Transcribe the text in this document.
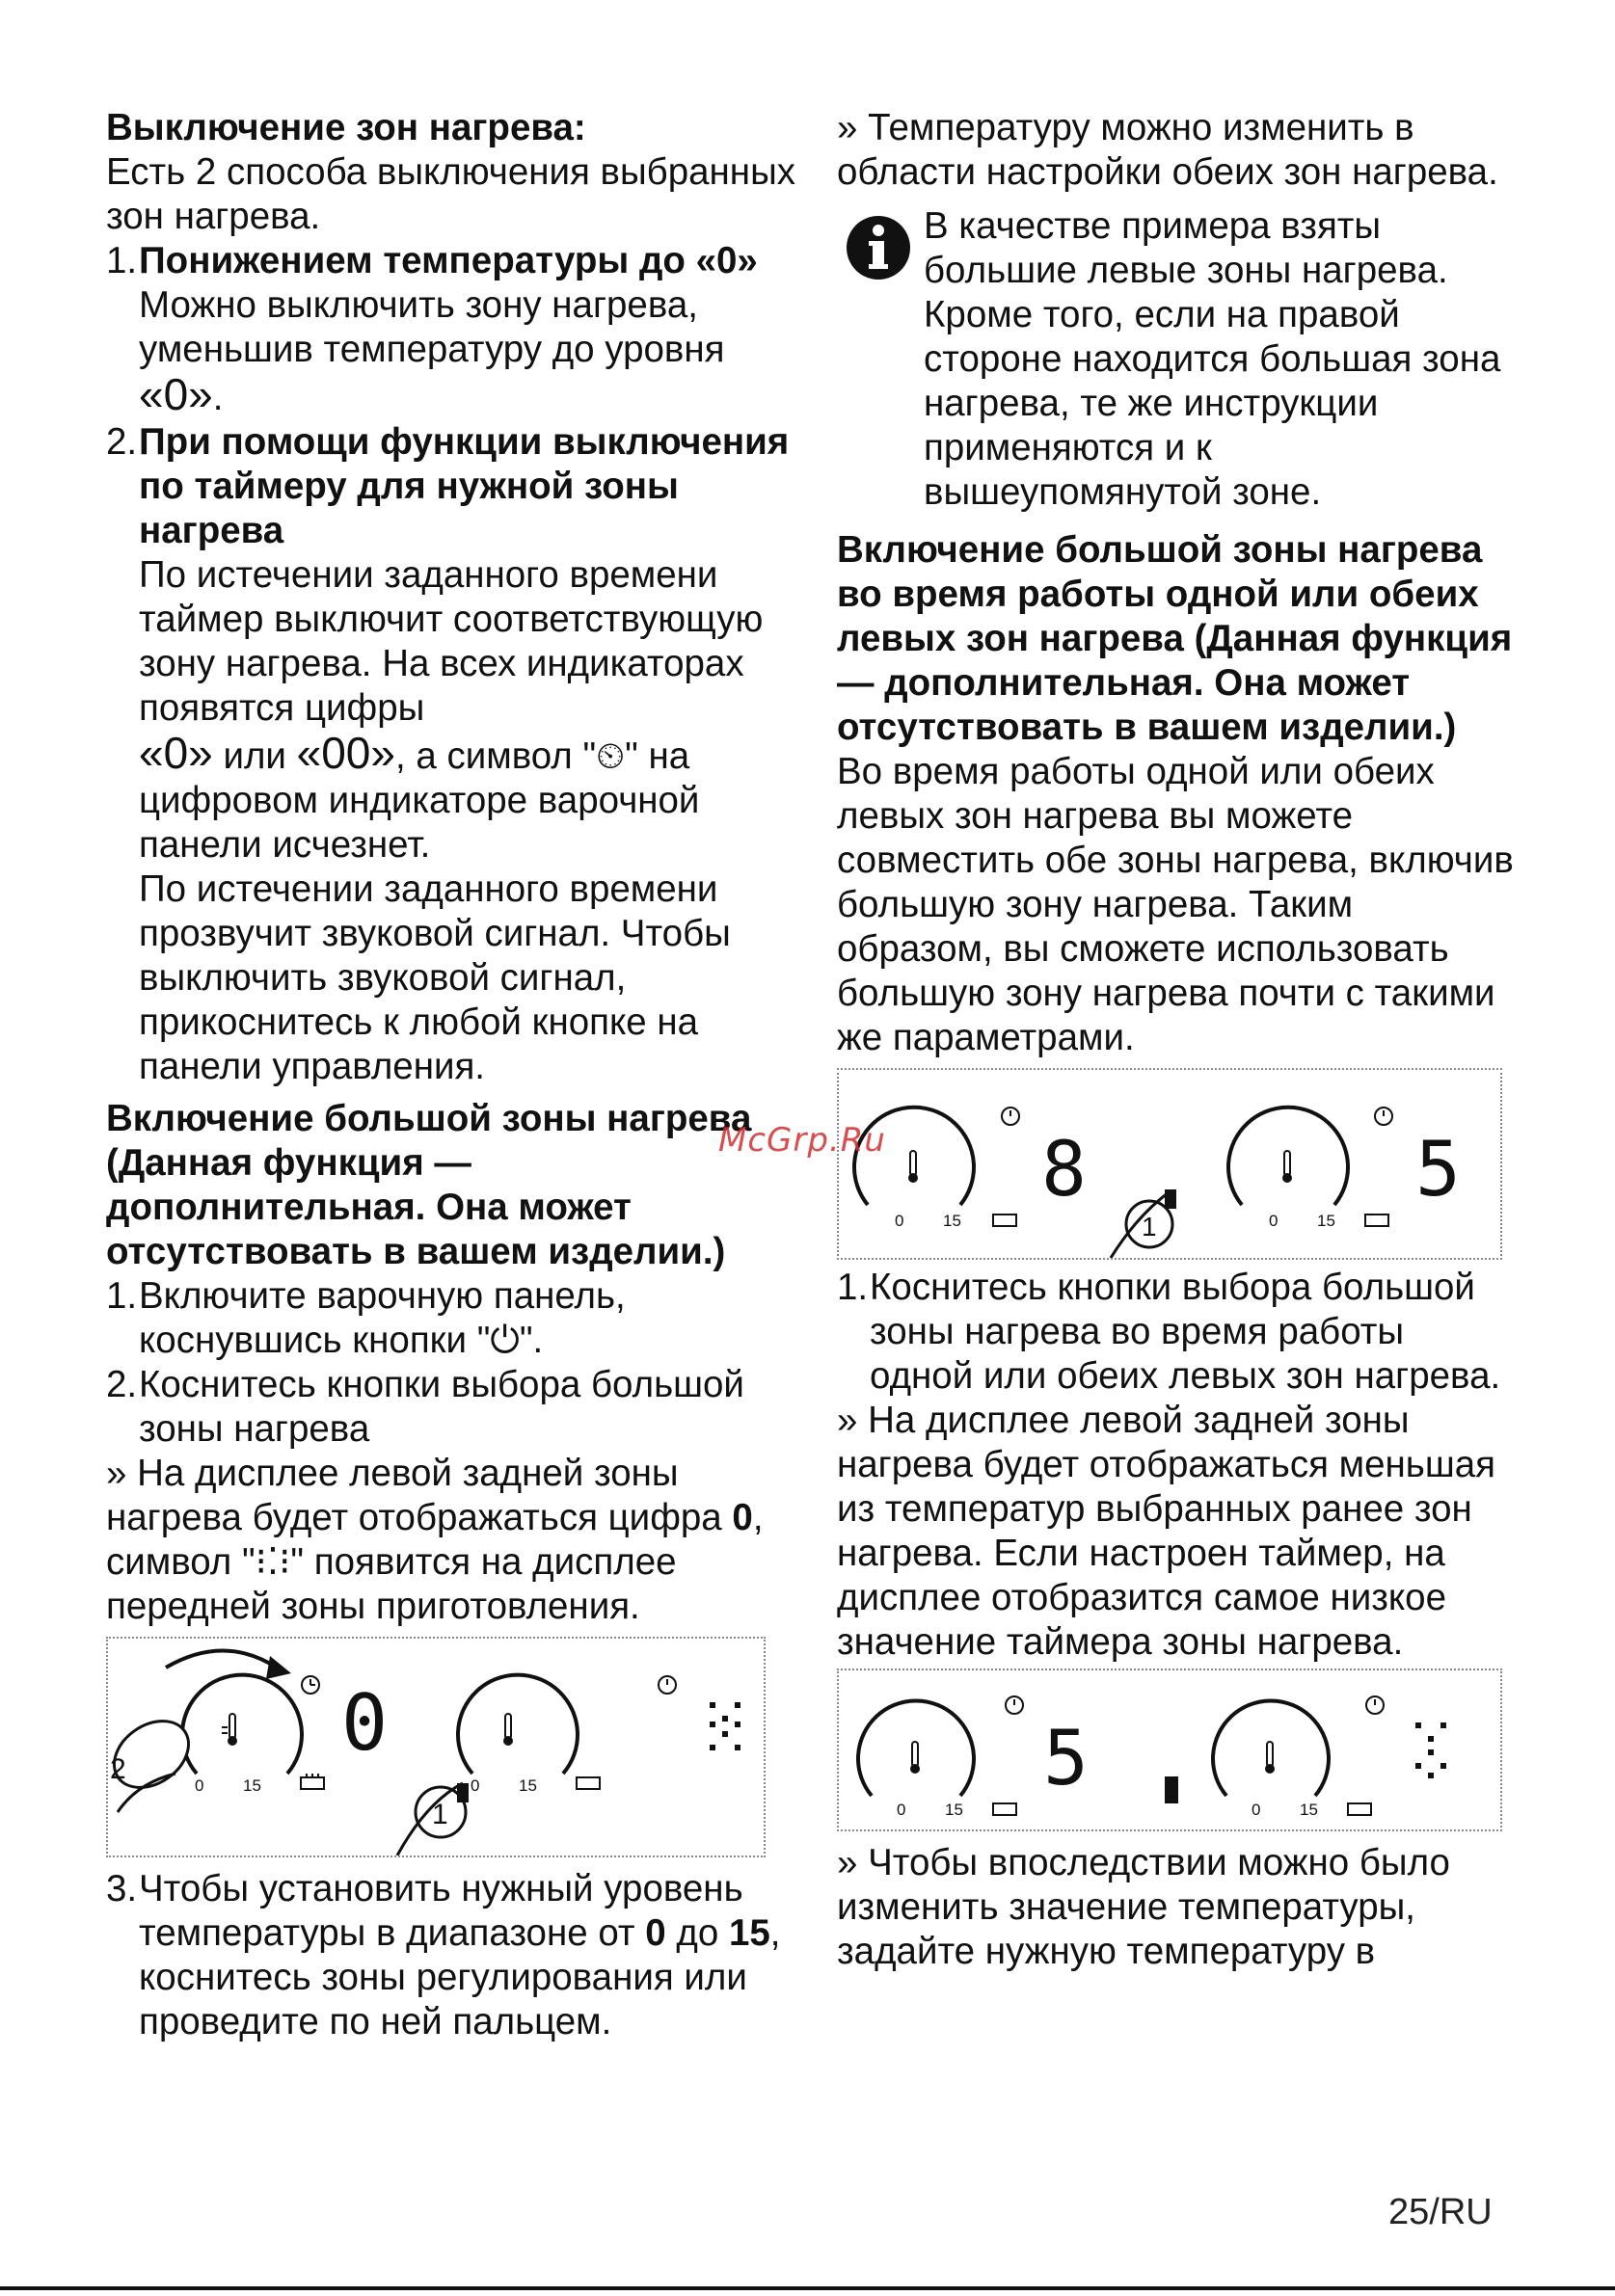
Выключение зон нагрева:

Есть 2 способа выключения выбранных зон нагрева.

1. Понижением температуры до «0»

Можно выключить зону нагрева, уменьшив температуру до уровня «0».

2. При помощи функции выключения по таймеру для нужной зоны нагрева

По истечении заданного времени таймер выключит соответствующую зону нагрева. На всех индикаторах появятся цифры
«0» или «00», а символ "⏲" на цифровом индикаторе варочной панели исчезнет.

По истечении заданного времени прозвучит звуковой сигнал. Чтобы выключить звуковой сигнал, прикоснитесь к любой кнопке на панели управления.

Включение большой зоны нагрева (Данная функция — дополнительная. Она может отсутствовать в вашем изделии.)

1. Включите варочную панель, коснувшись кнопки "⏻".

2. Коснитесь кнопки выбора большой зоны нагрева

» На дисплее левой задней зоны нагрева будет отображаться цифра 0, символ "⁝⁚⁝" появится на дисплее передней зоны приготовления.

0 15
2
0
0 15
1
3. Чтобы установить нужный уровень температуры в диапазоне от 0 до 15, коснитесь зоны регулирования или проведите по ней пальцем.

» Температуру можно изменить в области настройки обеих зон нагрева.

В качестве примера взяты большие левые зоны нагрева. Кроме того, если на правой стороне находится большая зона нагрева, те же инструкции применяются и к вышеупомянутой зоне.

Включение большой зоны нагрева во время работы одной или обеих левых зон нагрева (Данная функция — дополнительная. Она может отсутствовать в вашем изделии.)

Во время работы одной или обеих левых зон нагрева вы можете совместить обе зоны нагрева, включив большую зону нагрева. Таким образом, вы сможете использовать большую зону нагрева почти с такими же параметрами.

0 15
8
0 15
5
1
1. Коснитесь кнопки выбора большой зоны нагрева во время работы одной или обеих левых зон нагрева.

» На дисплее левой задней зоны нагрева будет отображаться меньшая из температур выбранных ранее зон нагрева. Если настроен таймер, на дисплее отобразится самое низкое значение таймера зоны нагрева.

0 15
5
0 15

» Чтобы впоследствии можно было изменить значение температуры, задайте нужную температуру в

McGrp.Ru
25/RU
